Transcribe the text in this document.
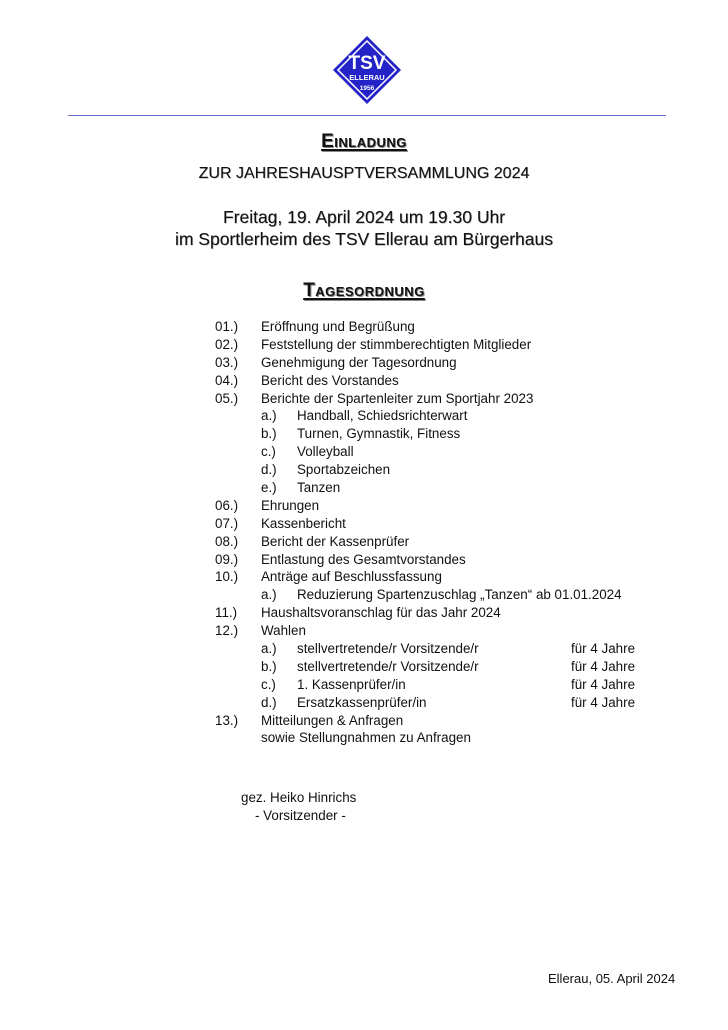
TSV
ELLERAU
1956
Einladung
ZUR JAHRESHAUSPTVERSAMMLUNG 2024
Freitag, 19. April 2024 um 19.30 Uhr
im Sportlerheim des TSV Ellerau am Bürgerhaus
Tagesordnung
01.) Eröffnung und Begrüßung
02.) Feststellung der stimmberechtigten Mitglieder
03.) Genehmigung der Tagesordnung
04.) Bericht des Vorstandes
05.) Berichte der Spartenleiter zum Sportjahr 2023
a.) Handball, Schiedsrichterwart
b.) Turnen, Gymnastik, Fitness
c.) Volleyball
d.) Sportabzeichen
e.) Tanzen
06.) Ehrungen
07.) Kassenbericht
08.) Bericht der Kassenprüfer
09.) Entlastung des Gesamtvorstandes
10.) Anträge auf Beschlussfassung
a.) Reduzierung Spartenzuschlag „Tanzen“ ab 01.01.2024
11.) Haushaltsvoranschlag für das Jahr 2024
12.) Wahlen
a.) stellvertretende/r Vorsitzende/r	für 4 Jahre
b.) stellvertretende/r Vorsitzende/r	für 4 Jahre
c.) 1. Kassenprüfer/in	für 4 Jahre
d.) Ersatzkassenprüfer/in	für 4 Jahre
13.) Mitteilungen & Anfragen
sowie Stellungnahmen zu Anfragen
gez. Heiko Hinrichs
- Vorsitzender -
Ellerau, 05. April 2024
